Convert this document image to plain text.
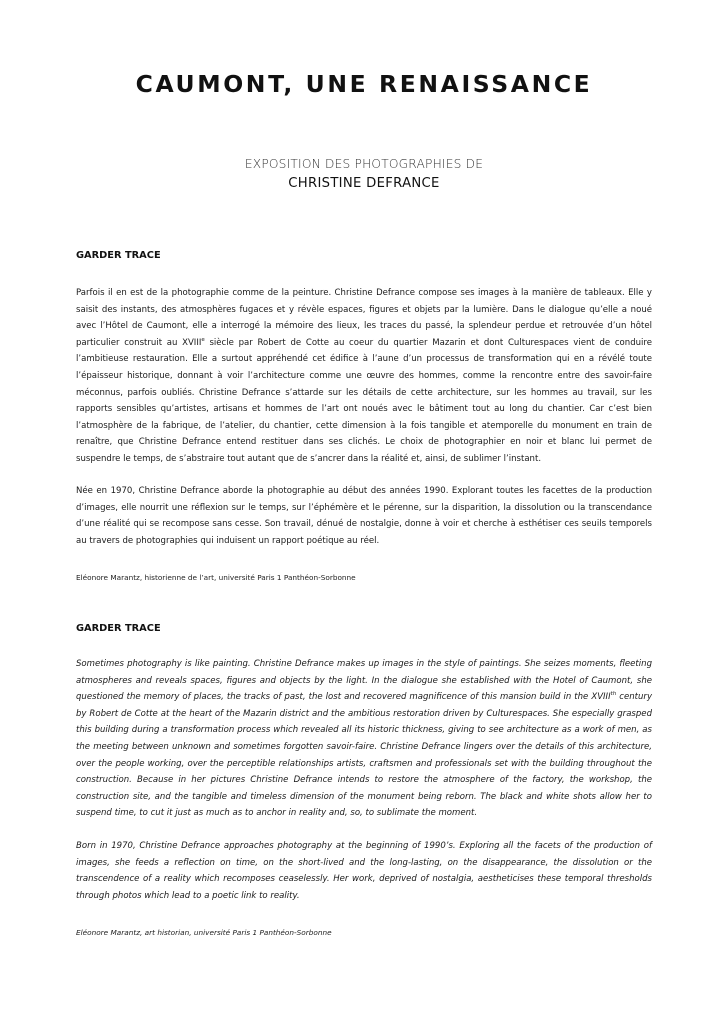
CAUMONT, UNE RENAISSANCE
EXPOSITION DES PHOTOGRAPHIES DE
CHRISTINE DEFRANCE
GARDER TRACE

Parfois il en est de la photographie comme de la peinture. Christine Defrance compose ses images à la manière de tableaux. Elle y saisit des instants, des atmosphères fugaces et y révèle espaces, figures et objets par la lumière. Dans le dialogue qu’elle a noué avec l’Hôtel de Caumont, elle a interrogé la mémoire des lieux, les traces du passé, la splendeur perdue et retrouvée d’un hôtel particulier construit au XVIIIe siècle par Robert de Cotte au coeur du quartier Mazarin et dont Culturespaces vient de conduire l’ambitieuse restauration. Elle a surtout appréhendé cet édifice à l’aune d’un processus de transformation qui en a révélé toute l’épaisseur historique, donnant à voir l’architecture comme une œuvre des hommes, comme la rencontre entre des savoir-faire méconnus, parfois oubliés. Christine Defrance s’attarde sur les détails de cette architecture, sur les hommes au travail, sur les rapports sensibles qu’artistes, artisans et hommes de l’art ont noués avec le bâtiment tout au long du chantier. Car c’est bien l’atmosphère de la fabrique, de l’atelier, du chantier, cette dimension à la fois tangible et atemporelle du monument en train de renaître, que Christine Defrance entend restituer dans ses clichés. Le choix de photographier en noir et blanc lui permet de suspendre le temps, de s’abstraire tout autant que de s’ancrer dans la réalité et, ainsi, de sublimer l’instant.

Née en 1970, Christine Defrance aborde la photographie au début des années 1990. Explorant toutes les facettes de la production d’images, elle nourrit une réflexion sur le temps, sur l’éphémère et le pérenne, sur la disparition, la dissolution ou la transcendance d’une réalité qui se recompose sans cesse. Son travail, dénué de nostalgie, donne à voir et cherche à esthétiser ces seuils temporels au travers de photographies qui induisent un rapport poétique au réel.

Eléonore Marantz, historienne de l’art, université Paris 1 Panthéon-Sorbonne
GARDER TRACE

Sometimes photography is like painting. Christine Defrance makes up images in the style of paintings. She seizes moments, fleeting atmospheres and reveals spaces, figures and objects by the light. In the dialogue she established with the Hotel of Caumont, she questioned the memory of places, the tracks of past, the lost and recovered magnificence of this mansion build in the XVIIIth century by Robert de Cotte at the heart of the Mazarin district and the ambitious restoration driven by Culturespaces. She especially grasped this building during a transformation process which revealed all its historic thickness, giving to see architecture as a work of men, as the meeting between unknown and sometimes forgotten savoir-faire. Christine Defrance lingers over the details of this architecture, over the people working, over the perceptible relationships artists, craftsmen and professionals set with the building throughout the construction. Because in her pictures Christine Defrance intends to restore the atmosphere of the factory, the workshop, the construction site, and the tangible and timeless dimension of the monument being reborn. The black and white shots allow her to suspend time, to cut it just as much as to anchor in reality and, so, to sublimate the moment.

Born in 1970, Christine Defrance approaches photography at the beginning of 1990’s. Exploring all the facets of the production of images, she feeds a reflection on time, on the short-lived and the long-lasting, on the disappearance, the dissolution or the transcendence of a reality which recomposes ceaselessly. Her work, deprived of nostalgia, aestheticises these temporal thresholds through photos which lead to a poetic link to reality.

Eléonore Marantz, art historian, université Paris 1 Panthéon-Sorbonne
